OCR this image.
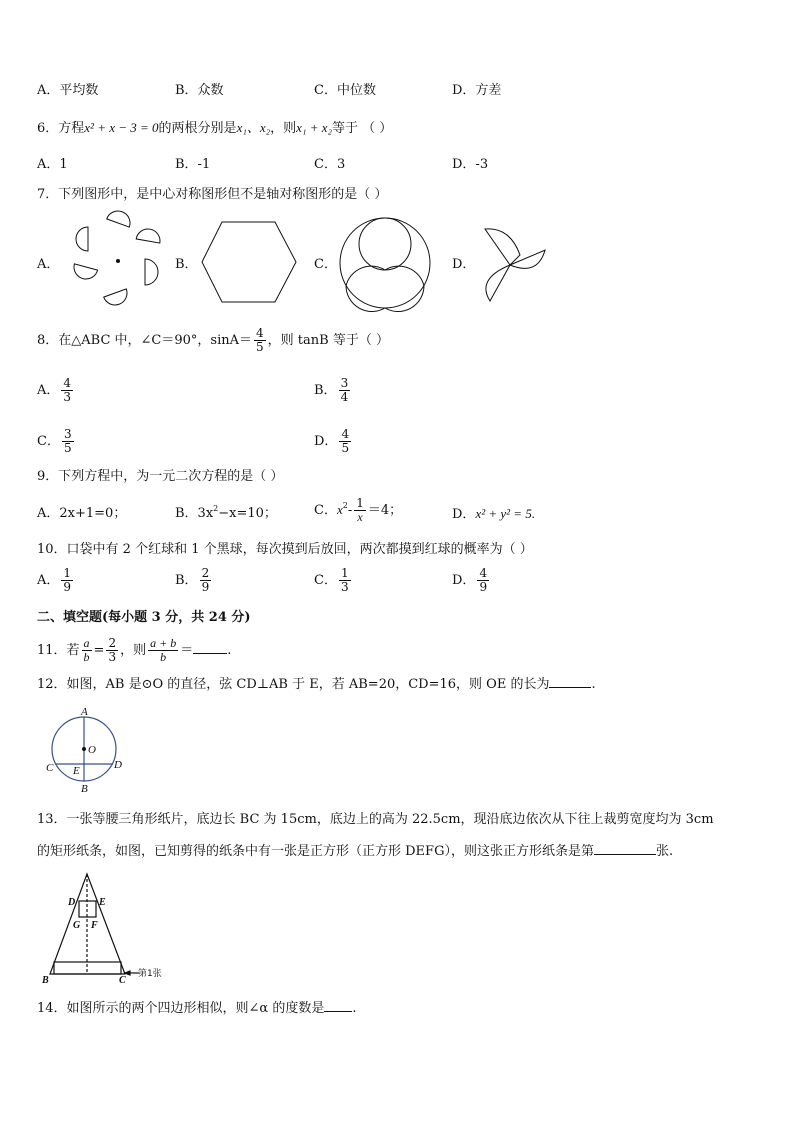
A．平均数	B．众数	C．中位数	D．方差
6．方程x² + x − 3 = 0的两根分别是x₁、x₂，则x₁ + x₂等于 （ ）
A．1	B．-1	C．3	D．-3
7．下列图形中，是中心对称图形但不是轴对称图形的是（ ）
A．	B．	C．	D．
8．在△ABC 中，∠C＝90°，$\sin A= \frac{4}{5}$ ，则 tanB 等于（ ）
A． $\frac{4}{3}$	B． $\frac{3}{4}$
C． $\frac{3}{5}$	D． $\frac{4}{5}$
9．下列方程中，为一元二次方程的是（ ）
A．2x+1=0；	B．$3x^2-x=10$；	C．$x^2- \frac{1}{x} =4$；	D．x² + y² = 5.
10．口袋中有 2 个红球和 1 个黑球，每次摸到后放回，两次都摸到红球的概率为（ ）
A． $\frac{1}{9}$	B． $\frac{2}{9}$	C． $\frac{1}{3}$	D． $\frac{4}{9}$
二、填空题(每小题 3 分，共 24 分)
11．若 $\frac{a}{b} = \frac{2}{3}$ ，则 $\frac{a + b}{b}$ ＝	.
12．如图，AB 是⊙O 的直径，弦 CD⊥AB 于 E，若 AB=20，CD=16，则 OE 的长为	.
A
O
C E	D
B
13．一张等腰三角形纸片，底边长 BC 为 15cm，底边上的高为 22.5cm，现沿底边依次从下往上裁剪宽度均为 3cm
的矩形纸条，如图，已知剪得的纸条中有一张是正方形（正方形 DEFG），则这张正方形纸条是第	张.
D E
G F
B	C
第1张
14．如图所示的两个四边形相似，则∠α 的度数是 .
